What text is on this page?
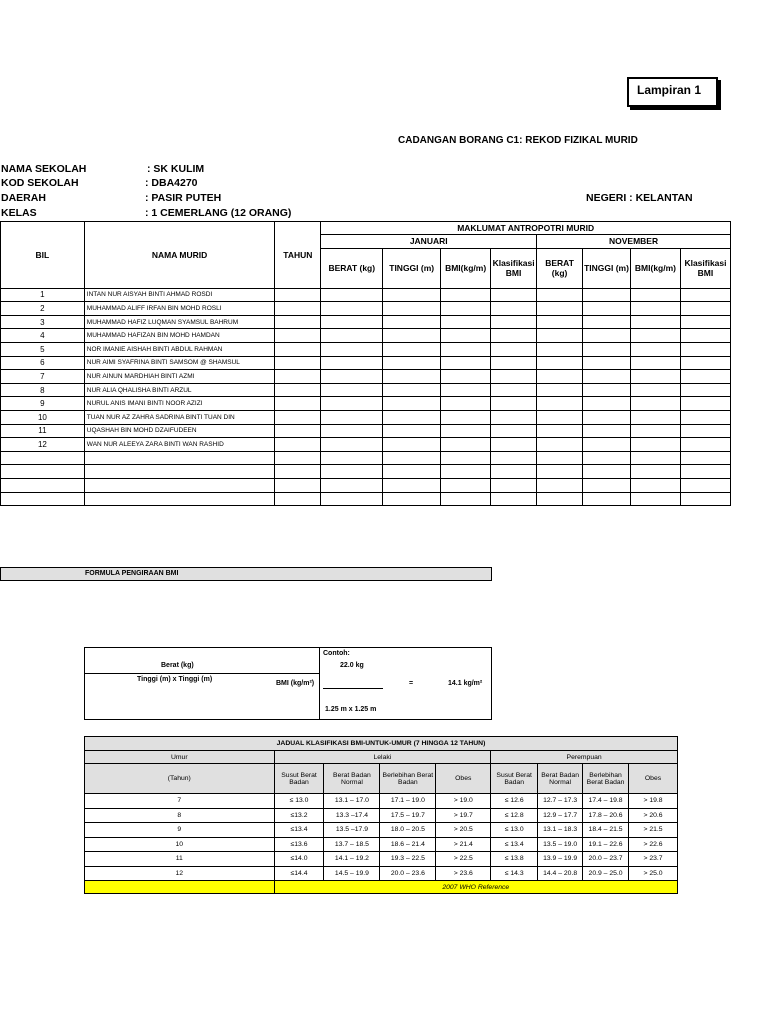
Lampiran 1
CADANGAN BORANG C1: REKOD FIZIKAL MURID
NAMA SEKOLAH	: SK KULIM
KOD SEKOLAH	: DBA4270
DAERAH	: PASIR PUTEH	NEGERI : KELANTAN
KELAS	: 1 CEMERLANG (12 ORANG)
BIL	NAMA MURID	TAHUN	MAKLUMAT ANTROPOTRI MURID							
			JANUARI				NOVEMBER			
			BERAT (kg)	TINGGI (m)	BMI(kg/m)	Klasifikasi BMI	BERAT (kg)	TINGGI (m)	BMI(kg/m)	Klasifikasi BMI
1	INTAN NUR AISYAH BINTI AHMAD ROSDI									
2	MUHAMMAD ALIFF IRFAN BIN MOHD ROSLI									
3	MUHAMMAD HAFIZ LUQMAN SYAMSUL BAHRUM									
4	MUHAMMAD HAFIZAN BIN MOHD HAMDAN									
5	NOR IMANIE AISHAH BINTI ABDUL RAHMAN									
6	NUR AIMI SYAFRINA BINTI SAMSOM @ SHAMSUL									
7	NUR AINUN MARDHIAH BINTI AZMI									
8	NUR ALIA QHALISHA BINTI ARZUL									
9	NURUL ANIS IMANI BINTI NOOR AZIZI									
10	TUAN NUR AZ ZAHRA SADRINA BINTI TUAN DIN									
11	UQASHAH BIN MOHD DZAIFUDEEN									
12	WAN NUR ALEEYA ZARA BINTI WAN RASHID									

FORMULA PENGIRAAN BMI
Berat (kg)
Tinggi (m) x Tinggi (m)
BMI (kg/m²)
Contoh:
22.0 kg
1.25 m x 1.25 m
=	14.1 kg/m²
JADUAL KLASIFIKASI BMI-UNTUK-UMUR (7 HINGGA 12 TAHUN)								
Umur	Lelaki				Perempuan			
(Tahun)	Susut Berat Badan	Berat Badan Normal	Berlebihan Berat Badan	Obes	Susut Berat Badan	Berat Badan Normal	Berlebihan Berat Badan	Obes
7	≤ 13.0	13.1 – 17.0	17.1 – 19.0	> 19.0	≤ 12.6	12.7 – 17.3	17.4 – 19.8	> 19.8
8	≤13.2	13.3 –17.4	17.5 – 19.7	> 19.7	≤ 12.8	12.9 – 17.7	17.8 – 20.6	> 20.6
9	≤13.4	13.5 –17.9	18.0 – 20.5	> 20.5	≤ 13.0	13.1 – 18.3	18.4 – 21.5	> 21.5
10	≤13.6	13.7 – 18.5	18.6 – 21.4	> 21.4	≤ 13.4	13.5 – 19.0	19.1 – 22.6	> 22.6
11	≤14.0	14.1 – 19.2	19.3 – 22.5	> 22.5	≤ 13.8	13.9 – 19.9	20.0 – 23.7	> 23.7
12	≤14.4	14.5 – 19.9	20.0 – 23.6	> 23.6	≤ 14.3	14.4 – 20.8	20.9 – 25.0	> 25.0
	2007 WHO Reference							
